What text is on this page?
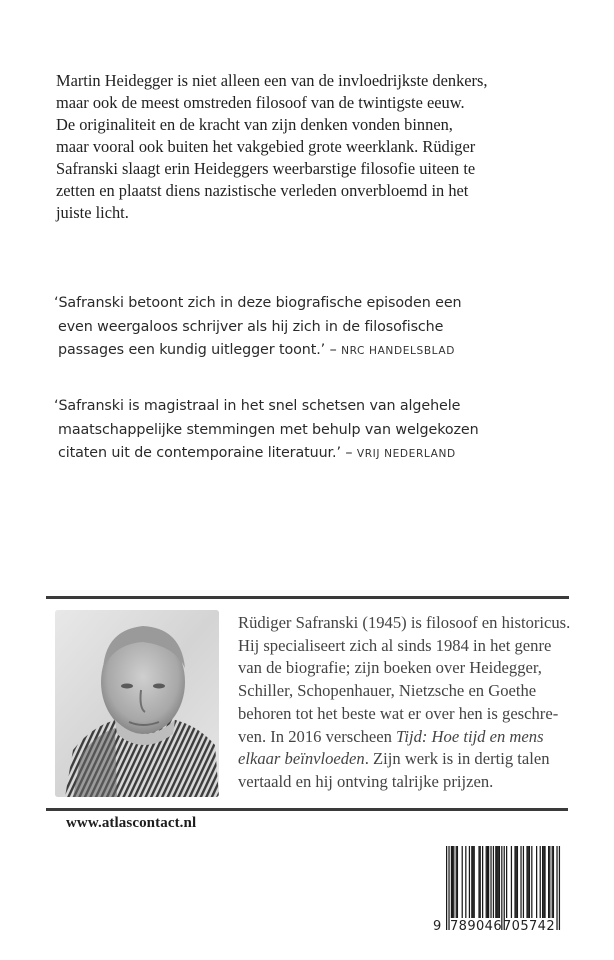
Martin Heidegger is niet alleen een van de invloedrijkste denkers,
maar ook de meest omstreden filosoof van de twintigste eeuw.
De originaliteit en de kracht van zijn denken vonden binnen,
maar vooral ook buiten het vakgebied grote weerklank. Rüdiger
Safranski slaagt erin Heideggers weerbarstige filosofie uiteen te
zetten en plaatst diens nazistische verleden onverbloemd in het
juiste licht.

‘Safranski betoont zich in deze biografische episoden een
even weergaloos schrijver als hij zich in de filosofische
passages een kundig uitlegger toont.’ – NRC HANDELSBLAD

‘Safranski is magistraal in het snel schetsen van algehele
maatschappelijke stemmingen met behulp van welgekozen
citaten uit de contemporaine literatuur.’ – VRIJ NEDERLAND

Rüdiger Safranski (1945) is filosoof en historicus.
Hij specialiseert zich al sinds 1984 in het genre
van de biografie; zijn boeken over Heidegger,
Schiller, Schopenhauer, Nietzsche en Goethe
behoren tot het beste wat er over hen is geschre-
ven. In 2016 verscheen Tijd: Hoe tijd en mens
elkaar beïnvloeden. Zijn werk is in dertig talen
vertaald en hij ontving talrijke prijzen.

www.atlascontact.nl

9 789046 705742
